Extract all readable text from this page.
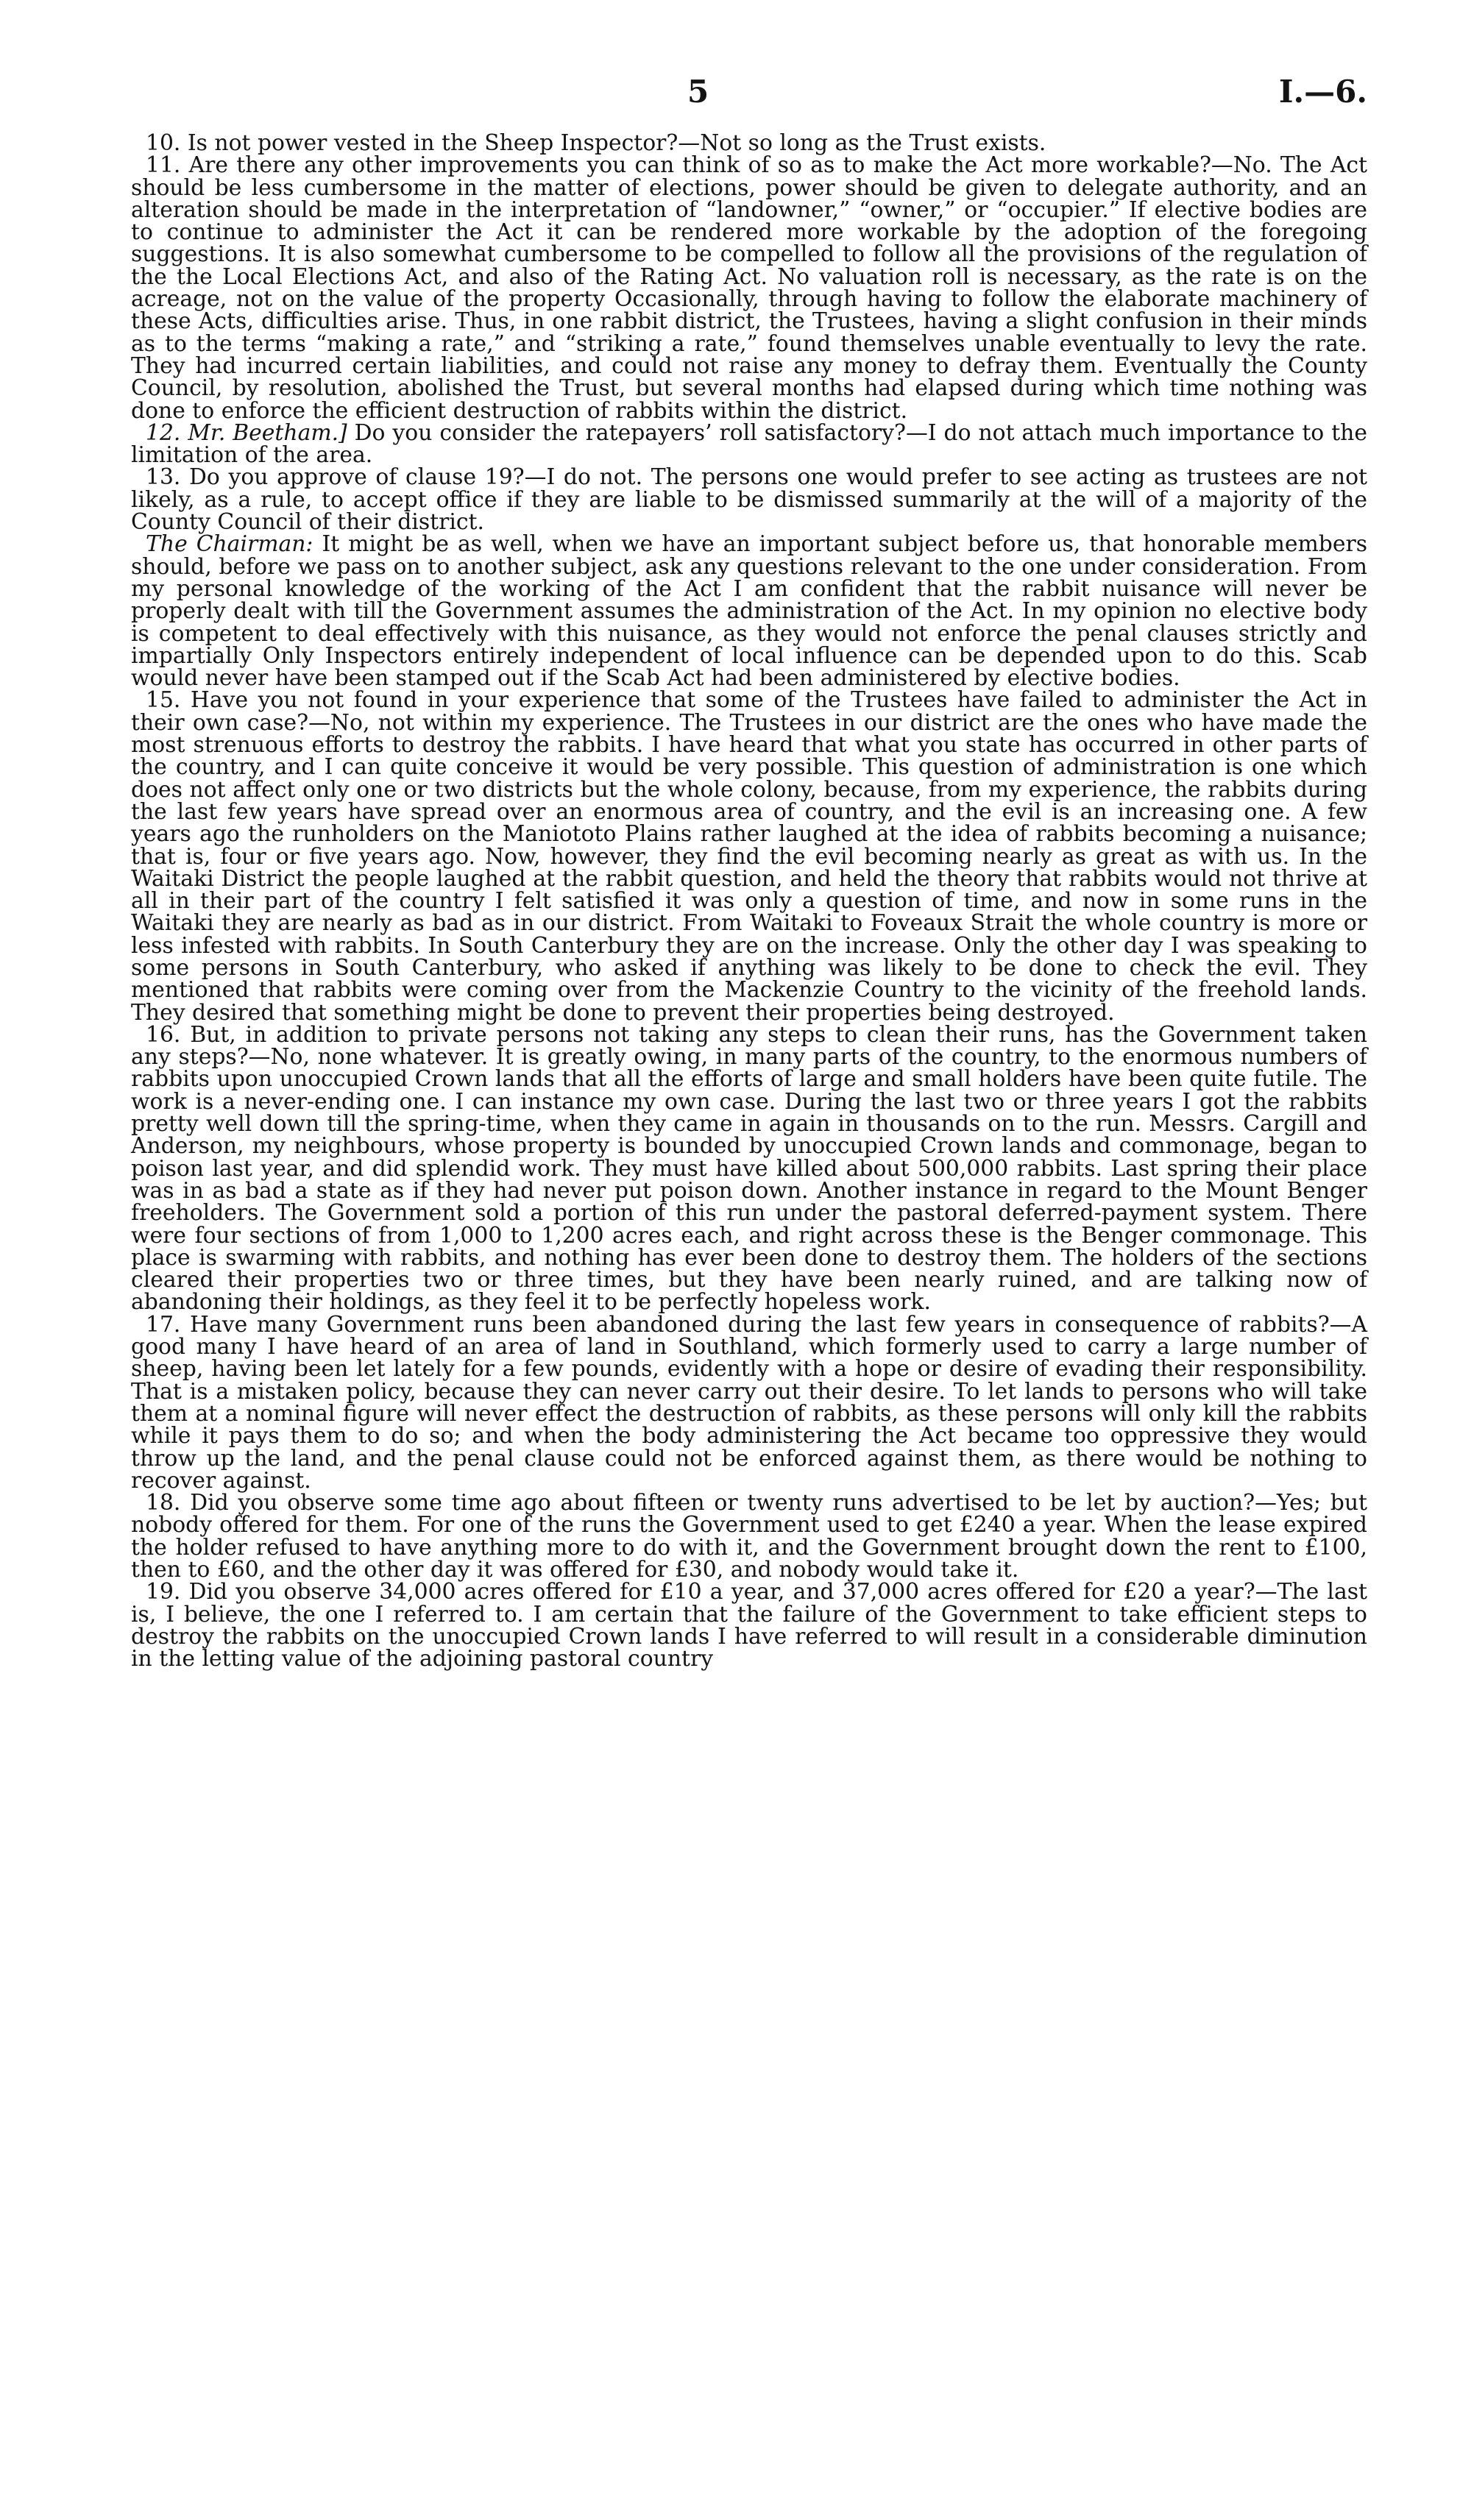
5	I.—6.

10. Is not power vested in the Sheep Inspector?—Not so long as the Trust exists.

11. Are there any other improvements you can think of so as to make the Act more workable?—No. The Act should be less cumbersome in the matter of elections, power should be given to delegate authority, and an alteration should be made in the interpretation of “landowner,” “owner,” or “occupier.” If elective bodies are to continue to administer the Act it can be rendered more workable by the adoption of the foregoing suggestions. It is also somewhat cumbersome to be compelled to follow all the provisions of the regulation of the the Local Elections Act, and also of the Rating Act. No valuation roll is necessary, as the rate is on the acreage, not on the value of the property Occasionally, through having to follow the elaborate machinery of these Acts, difficulties arise. Thus, in one rabbit district, the Trustees, having a slight confusion in their minds as to the terms “making a rate,” and “striking a rate,” found themselves unable eventually to levy the rate. They had incurred certain liabilities, and could not raise any money to defray them. Eventually the County Council, by resolution, abolished the Trust, but several months had elapsed during which time nothing was done to enforce the efficient destruction of rabbits within the district.

12. Mr. Beetham.] Do you consider the ratepayers’ roll satisfactory?—I do not attach much importance to the limitation of the area.

13. Do you approve of clause 19?—I do not. The persons one would prefer to see acting as trustees are not likely, as a rule, to accept office if they are liable to be dismissed summarily at the will of a majority of the County Council of their district.

The Chairman: It might be as well, when we have an important subject before us, that honorable members should, before we pass on to another subject, ask any questions relevant to the one under consideration. From my personal knowledge of the working of the Act I am confident that the rabbit nuisance will never be properly dealt with till the Government assumes the administration of the Act. In my opinion no elective body is competent to deal effectively with this nuisance, as they would not enforce the penal clauses strictly and impartially Only Inspectors entirely independent of local influence can be depended upon to do this. Scab would never have been stamped out if the Scab Act had been administered by elective bodies.

15. Have you not found in your experience that some of the Trustees have failed to administer the Act in their own case?—No, not within my experience. The Trustees in our district are the ones who have made the most strenuous efforts to destroy the rabbits. I have heard that what you state has occurred in other parts of the country, and I can quite conceive it would be very possible. This question of administration is one which does not affect only one or two districts but the whole colony, because, from my experience, the rabbits during the last few years have spread over an enormous area of country, and the evil is an increasing one. A few years ago the runholders on the Maniototo Plains rather laughed at the idea of rabbits becoming a nuisance; that is, four or five years ago. Now, however, they find the evil becoming nearly as great as with us. In the Waitaki District the people laughed at the rabbit question, and held the theory that rabbits would not thrive at all in their part of the country I felt satisfied it was only a question of time, and now in some runs in the Waitaki they are nearly as bad as in our district. From Waitaki to Foveaux Strait the whole country is more or less infested with rabbits. In South Canterbury they are on the increase. Only the other day I was speaking to some persons in South Canterbury, who asked if anything was likely to be done to check the evil. They mentioned that rabbits were coming over from the Mackenzie Country to the vicinity of the freehold lands. They desired that something might be done to prevent their properties being destroyed.

16. But, in addition to private persons not taking any steps to clean their runs, has the Government taken any steps?—No, none whatever. It is greatly owing, in many parts of the country, to the enormous numbers of rabbits upon unoccupied Crown lands that all the efforts of large and small holders have been quite futile. The work is a never-ending one. I can instance my own case. During the last two or three years I got the rabbits pretty well down till the spring-time, when they came in again in thousands on to the run. Messrs. Cargill and Anderson, my neighbours, whose property is bounded by unoccupied Crown lands and commonage, began to poison last year, and did splendid work. They must have killed about 500,000 rabbits. Last spring their place was in as bad a state as if they had never put poison down. Another instance in regard to the Mount Benger freeholders. The Government sold a portion of this run under the pastoral deferred-payment system. There were four sections of from 1,000 to 1,200 acres each, and right across these is the Benger commonage. This place is swarming with rabbits, and nothing has ever been done to destroy them. The holders of the sections cleared their properties two or three times, but they have been nearly ruined, and are talking now of abandoning their holdings, as they feel it to be perfectly hopeless work.

17. Have many Government runs been abandoned during the last few years in consequence of rabbits?—A good many I have heard of an area of land in Southland, which formerly used to carry a large number of sheep, having been let lately for a few pounds, evidently with a hope or desire of evading their responsibility. That is a mistaken policy, because they can never carry out their desire. To let lands to persons who will take them at a nominal figure will never effect the destruction of rabbits, as these persons will only kill the rabbits while it pays them to do so; and when the body administering the Act became too oppressive they would throw up the land, and the penal clause could not be enforced against them, as there would be nothing to recover against.

18. Did you observe some time ago about fifteen or twenty runs advertised to be let by auction?—Yes; but nobody offered for them. For one of the runs the Government used to get £240 a year. When the lease expired the holder refused to have anything more to do with it, and the Government brought down the rent to £100, then to £60, and the other day it was offered for £30, and nobody would take it.

19. Did you observe 34,000 acres offered for £10 a year, and 37,000 acres offered for £20 a year?—The last is, I believe, the one I referred to. I am certain that the failure of the Government to take efficient steps to destroy the rabbits on the unoccupied Crown lands I have referred to will result in a considerable diminution in the letting value of the adjoining pastoral country
